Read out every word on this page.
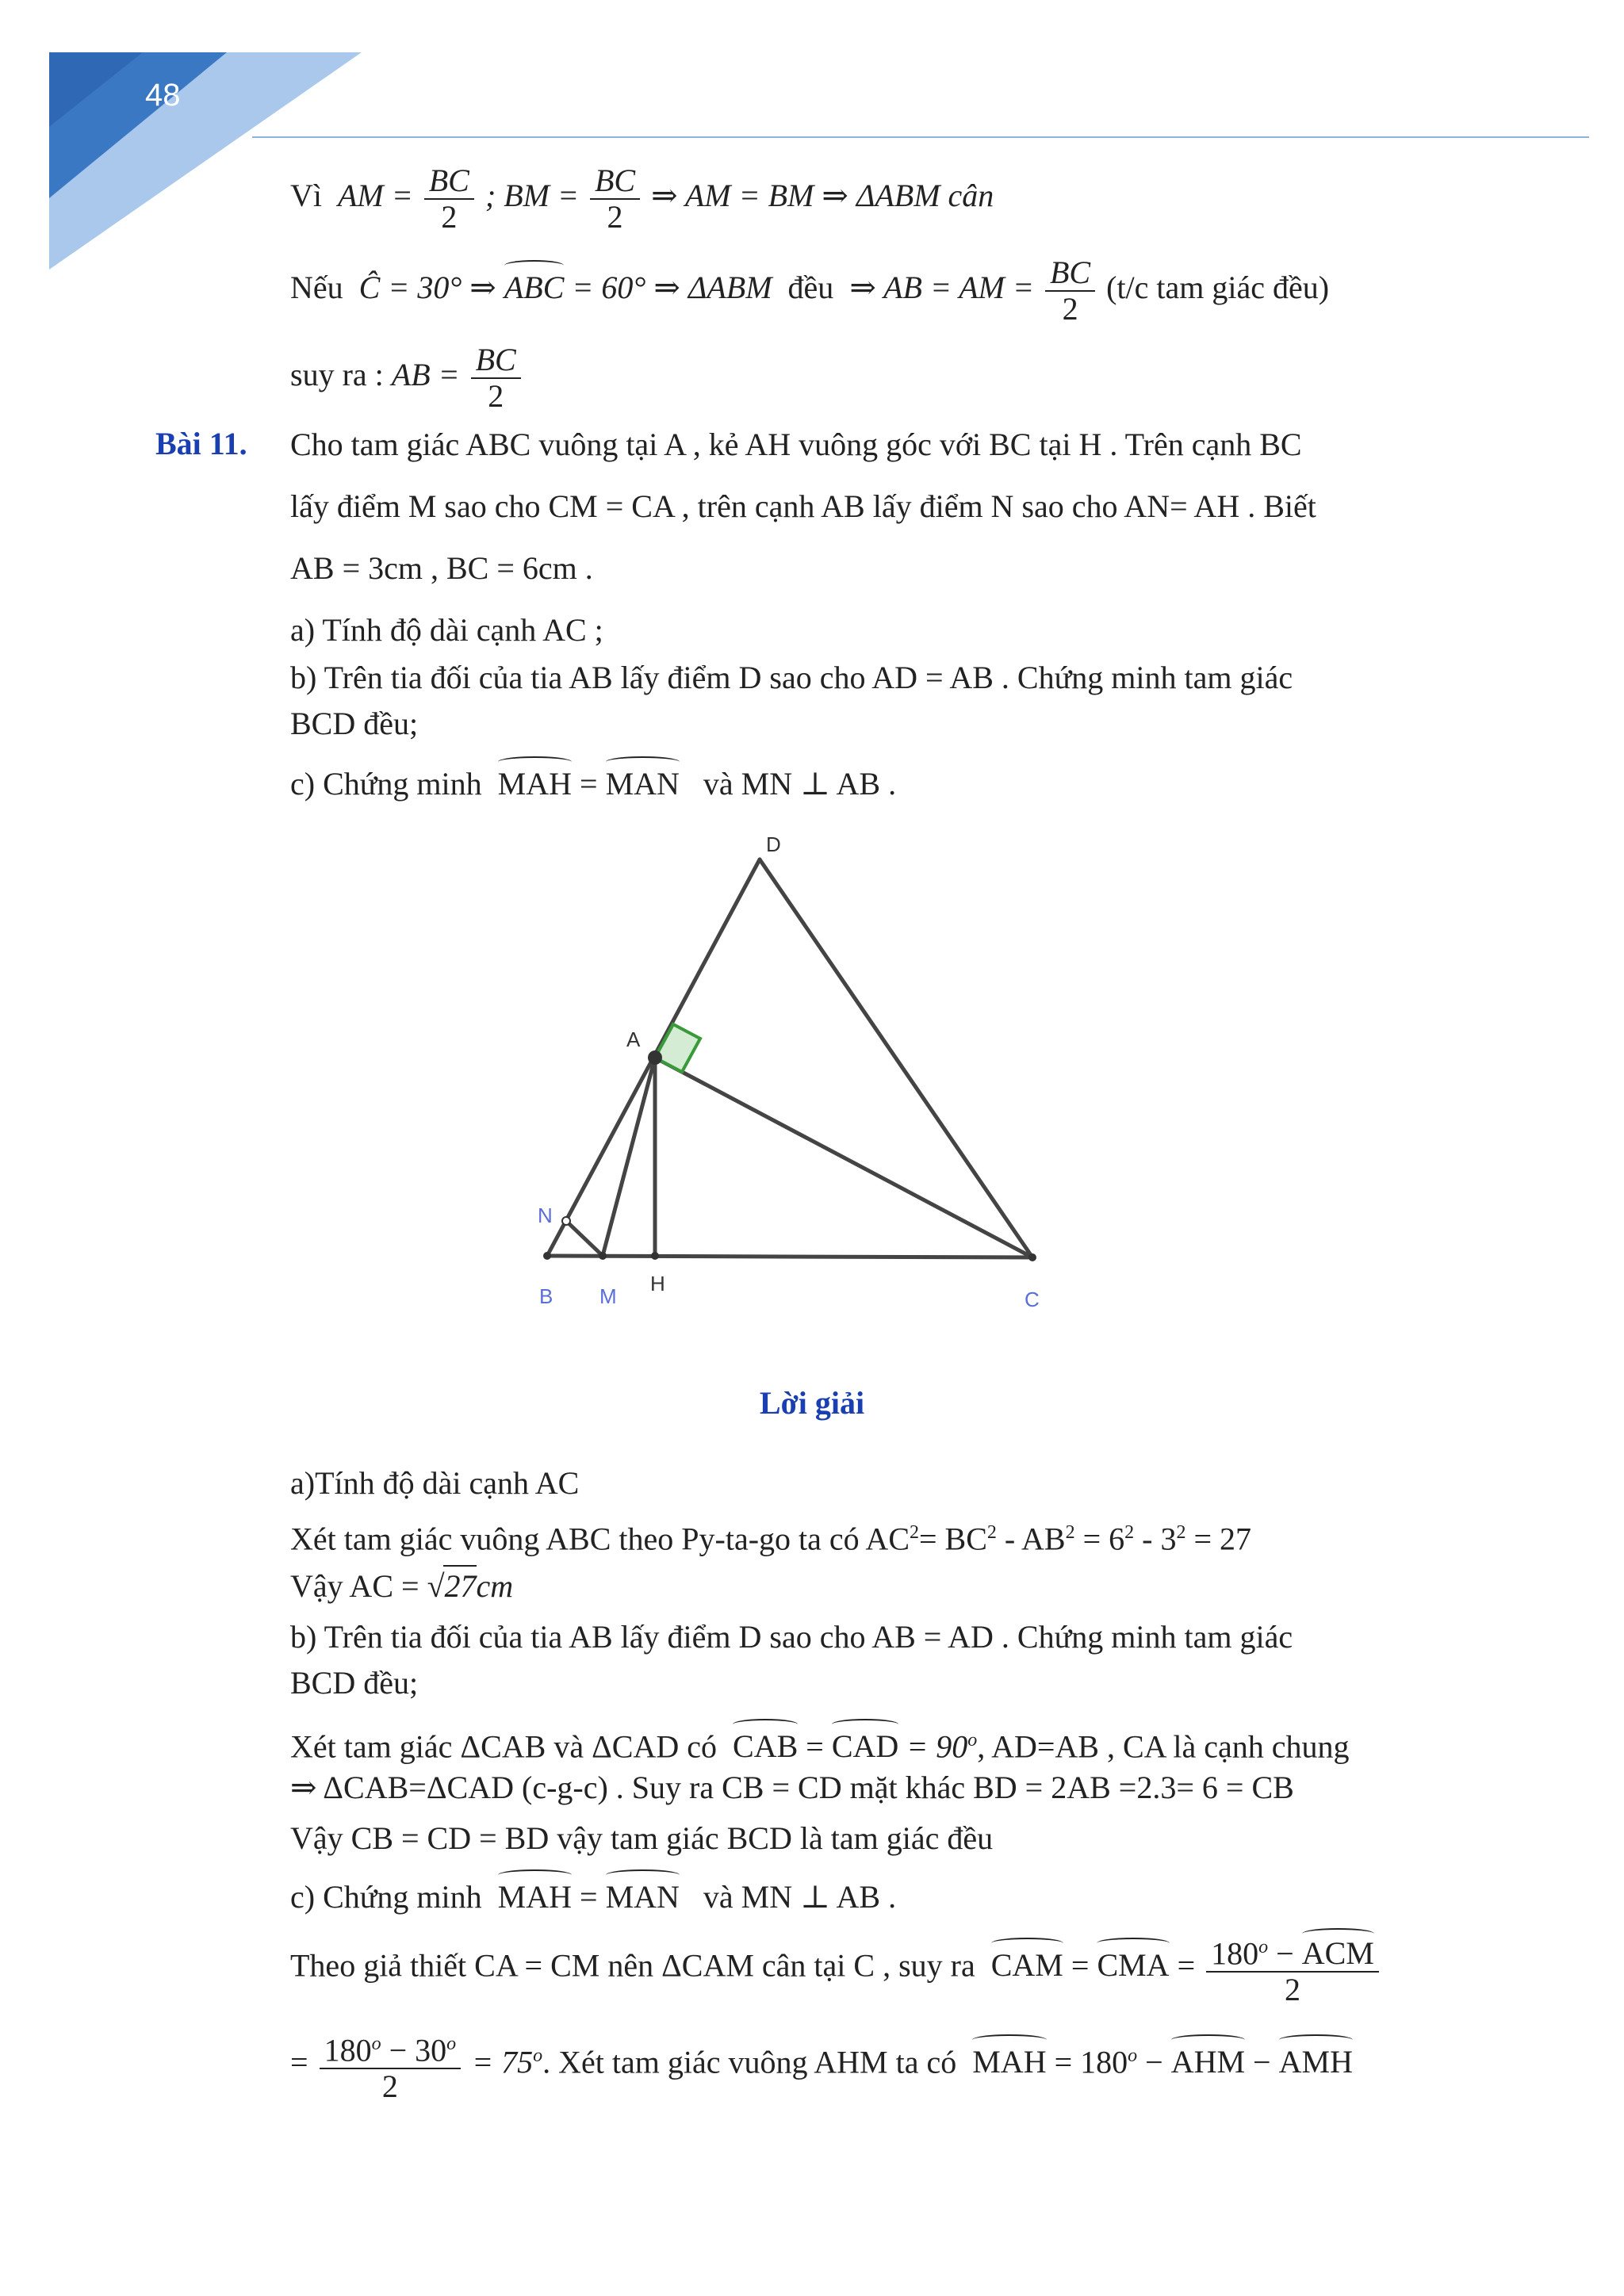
48
Vì AM = $\frac{BC}{2}$ ; BM = $\frac{BC}{2}$ ⇒ AM = BM ⇒ ΔABM cân
Nếu Ĉ = 30° ⇒ ABC = 60° ⇒ ΔABM đều ⇒ AB = AM = $\frac{BC}{2} (t/c$ tam giác đều)
suy ra : AB = $\frac{BC}{2}$
Bài 11. Cho tam giác ABC vuông tại A , kẻ AH vuông góc với BC tại H . Trên cạnh BC
lấy điểm M sao cho CM = CA , trên cạnh AB lấy điểm N sao cho AN= AH . Biết
AB = 3cm , BC = 6cm .
a) Tính độ dài cạnh AC ;
b) Trên tia đối của tia AB lấy điểm D sao cho AD = AB . Chứng minh tam giác
BCD đều;
c) Chứng minh MAH = MAN và MN ⊥ AB .
D
A
N
B M
H
C
Lời giải
a)Tính độ dài cạnh AC
Xét tam giác vuông ABC theo Py-ta-go ta có $AC^2= BC^2 - AB^2 = 6^2 - 3^2 = 27$
Vậy AC = √27cm
b) Trên tia đối của tia AB lấy điểm D sao cho AB = AD . Chứng minh tam giác
BCD đều;
Xét tam giác ΔCAB và ΔCAD có CAB = CAD = $90^o$, AD=AB , CA là cạnh chung
⇒ ΔCAB=ΔCAD (c-g-c) . Suy ra CB = CD mặt khác BD = 2AB =2.3= 6 = CB
Vậy CB = CD = BD vậy tam giác BCD là tam giác đều
c) Chứng minh MAH = MAN và MN ⊥ AB .
Theo giả thiết CA = CM nên ΔCAM cân tại C , suy ra CAM = CMA = $\frac{180^o - ACM}{2}$
= $\frac{180^o - 30^o}{2} = 75^o$. Xét tam giác vuông AHM ta có MAH = $180^o$ − AHM − AMH
